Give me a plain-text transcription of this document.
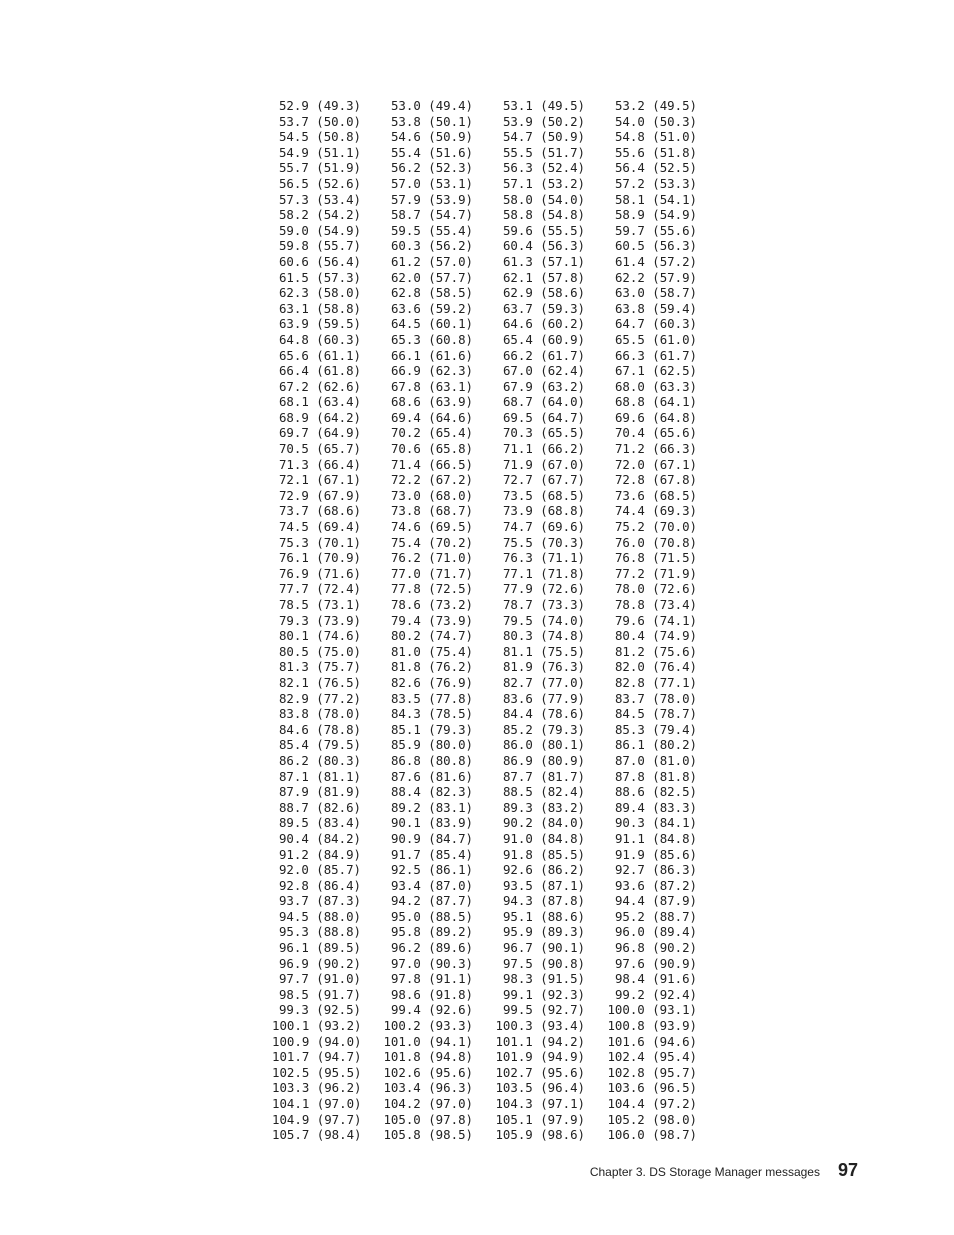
52.9 (49.3)	53.0 (49.4)	53.1 (49.5)	53.2 (49.5)
53.7 (50.0)	53.8 (50.1)	53.9 (50.2)	54.0 (50.3)
54.5 (50.8)	54.6 (50.9)	54.7 (50.9)	54.8 (51.0)
54.9 (51.1)	55.4 (51.6)	55.5 (51.7)	55.6 (51.8)
55.7 (51.9)	56.2 (52.3)	56.3 (52.4)	56.4 (52.5)
56.5 (52.6)	57.0 (53.1)	57.1 (53.2)	57.2 (53.3)
57.3 (53.4)	57.9 (53.9)	58.0 (54.0)	58.1 (54.1)
58.2 (54.2)	58.7 (54.7)	58.8 (54.8)	58.9 (54.9)
59.0 (54.9)	59.5 (55.4)	59.6 (55.5)	59.7 (55.6)
59.8 (55.7)	60.3 (56.2)	60.4 (56.3)	60.5 (56.3)
60.6 (56.4)	61.2 (57.0)	61.3 (57.1)	61.4 (57.2)
61.5 (57.3)	62.0 (57.7)	62.1 (57.8)	62.2 (57.9)
62.3 (58.0)	62.8 (58.5)	62.9 (58.6)	63.0 (58.7)
63.1 (58.8)	63.6 (59.2)	63.7 (59.3)	63.8 (59.4)
63.9 (59.5)	64.5 (60.1)	64.6 (60.2)	64.7 (60.3)
64.8 (60.3)	65.3 (60.8)	65.4 (60.9)	65.5 (61.0)
65.6 (61.1)	66.1 (61.6)	66.2 (61.7)	66.3 (61.7)
66.4 (61.8)	66.9 (62.3)	67.0 (62.4)	67.1 (62.5)
67.2 (62.6)	67.8 (63.1)	67.9 (63.2)	68.0 (63.3)
68.1 (63.4)	68.6 (63.9)	68.7 (64.0)	68.8 (64.1)
68.9 (64.2)	69.4 (64.6)	69.5 (64.7)	69.6 (64.8)
69.7 (64.9)	70.2 (65.4)	70.3 (65.5)	70.4 (65.6)
70.5 (65.7)	70.6 (65.8)	71.1 (66.2)	71.2 (66.3)
71.3 (66.4)	71.4 (66.5)	71.9 (67.0)	72.0 (67.1)
72.1 (67.1)	72.2 (67.2)	72.7 (67.7)	72.8 (67.8)
72.9 (67.9)	73.0 (68.0)	73.5 (68.5)	73.6 (68.5)
73.7 (68.6)	73.8 (68.7)	73.9 (68.8)	74.4 (69.3)
74.5 (69.4)	74.6 (69.5)	74.7 (69.6)	75.2 (70.0)
75.3 (70.1)	75.4 (70.2)	75.5 (70.3)	76.0 (70.8)
76.1 (70.9)	76.2 (71.0)	76.3 (71.1)	76.8 (71.5)
76.9 (71.6)	77.0 (71.7)	77.1 (71.8)	77.2 (71.9)
77.7 (72.4)	77.8 (72.5)	77.9 (72.6)	78.0 (72.6)
78.5 (73.1)	78.6 (73.2)	78.7 (73.3)	78.8 (73.4)
79.3 (73.9)	79.4 (73.9)	79.5 (74.0)	79.6 (74.1)
80.1 (74.6)	80.2 (74.7)	80.3 (74.8)	80.4 (74.9)
80.5 (75.0)	81.0 (75.4)	81.1 (75.5)	81.2 (75.6)
81.3 (75.7)	81.8 (76.2)	81.9 (76.3)	82.0 (76.4)
82.1 (76.5)	82.6 (76.9)	82.7 (77.0)	82.8 (77.1)
82.9 (77.2)	83.5 (77.8)	83.6 (77.9)	83.7 (78.0)
83.8 (78.0)	84.3 (78.5)	84.4 (78.6)	84.5 (78.7)
84.6 (78.8)	85.1 (79.3)	85.2 (79.3)	85.3 (79.4)
85.4 (79.5)	85.9 (80.0)	86.0 (80.1)	86.1 (80.2)
86.2 (80.3)	86.8 (80.8)	86.9 (80.9)	87.0 (81.0)
87.1 (81.1)	87.6 (81.6)	87.7 (81.7)	87.8 (81.8)
87.9 (81.9)	88.4 (82.3)	88.5 (82.4)	88.6 (82.5)
88.7 (82.6)	89.2 (83.1)	89.3 (83.2)	89.4 (83.3)
89.5 (83.4)	90.1 (83.9)	90.2 (84.0)	90.3 (84.1)
90.4 (84.2)	90.9 (84.7)	91.0 (84.8)	91.1 (84.8)
91.2 (84.9)	91.7 (85.4)	91.8 (85.5)	91.9 (85.6)
92.0 (85.7)	92.5 (86.1)	92.6 (86.2)	92.7 (86.3)
92.8 (86.4)	93.4 (87.0)	93.5 (87.1)	93.6 (87.2)
93.7 (87.3)	94.2 (87.7)	94.3 (87.8)	94.4 (87.9)
94.5 (88.0)	95.0 (88.5)	95.1 (88.6)	95.2 (88.7)
95.3 (88.8)	95.8 (89.2)	95.9 (89.3)	96.0 (89.4)
96.1 (89.5)	96.2 (89.6)	96.7 (90.1)	96.8 (90.2)
96.9 (90.2)	97.0 (90.3)	97.5 (90.8)	97.6 (90.9)
97.7 (91.0)	97.8 (91.1)	98.3 (91.5)	98.4 (91.6)
98.5 (91.7)	98.6 (91.8)	99.1 (92.3)	99.2 (92.4)
99.3 (92.5)	99.4 (92.6)	99.5 (92.7)	100.0 (93.1)
100.1 (93.2)	100.2 (93.3)	100.3 (93.4)	100.8 (93.9)
100.9 (94.0)	101.0 (94.1)	101.1 (94.2)	101.6 (94.6)
101.7 (94.7)	101.8 (94.8)	101.9 (94.9)	102.4 (95.4)
102.5 (95.5)	102.6 (95.6)	102.7 (95.6)	102.8 (95.7)
103.3 (96.2)	103.4 (96.3)	103.5 (96.4)	103.6 (96.5)
104.1 (97.0)	104.2 (97.0)	104.3 (97.1)	104.4 (97.2)
104.9 (97.7)	105.0 (97.8)	105.1 (97.9)	105.2 (98.0)
105.7 (98.4)	105.8 (98.5)	105.9 (98.6)	106.0 (98.7)
Chapter 3. DS Storage Manager messages 97
